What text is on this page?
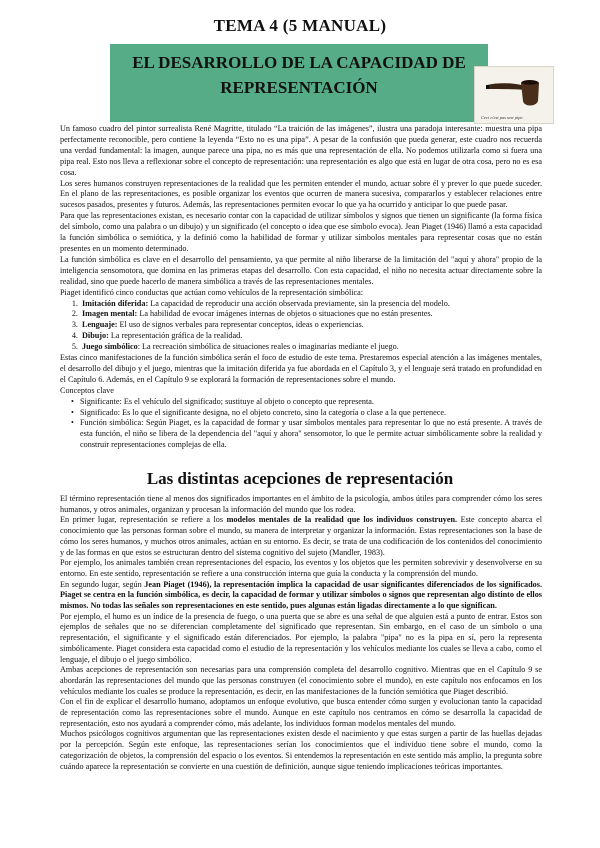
TEMA 4 (5 MANUAL)
EL DESARROLLO DE LA CAPACIDAD DE
REPRESENTACIÓN
Ceci n'est pas une pipe.

Un famoso cuadro del pintor surrealista René Magritte, titulado “La traición de las imágenes”, ilustra una paradoja interesante: muestra una pipa perfectamente reconocible, pero contiene la leyenda “Esto no es una pipa”. A pesar de la confusión que pueda generar, este cuadro nos recuerda una verdad fundamental: la imagen, aunque parece una pipa, no es más que una representación de ella. No podemos utilizarla como si fuera una pipa real. Esto nos lleva a reflexionar sobre el concepto de representación: una representación es algo que está en lugar de otra cosa, pero no es esa cosa.

Los seres humanos construyen representaciones de la realidad que les permiten entender el mundo, actuar sobre él y prever lo que puede suceder. En el plano de las representaciones, es posible organizar los eventos que ocurren de manera sucesiva, compararlos y establecer relaciones entre sucesos pasados, presentes y futuros. Además, las representaciones permiten evocar lo que ya ha ocurrido y anticipar lo que puede pasar.

Para que las representaciones existan, es necesario contar con la capacidad de utilizar símbolos y signos que tienen un significante (la forma física del símbolo, como una palabra o un dibujo) y un significado (el concepto o idea que ese símbolo evoca). Jean Piaget (1946) llamó a esta capacidad la función simbólica o semiótica, y la definió como la habilidad de formar y utilizar símbolos mentales para representar cosas que no están presentes en un momento determinado.

La función simbólica es clave en el desarrollo del pensamiento, ya que permite al niño liberarse de la limitación del "aquí y ahora" propio de la inteligencia sensomotora, que domina en las primeras etapas del desarrollo. Con esta capacidad, el niño no necesita actuar directamente sobre la realidad, sino que puede hacerlo de manera simbólica a través de las representaciones mentales.

Piaget identificó cinco conductas que actúan como vehículos de la representación simbólica:

1. Imitación diferida: La capacidad de reproducir una acción observada previamente, sin la presencia del modelo.
2. Imagen mental: La habilidad de evocar imágenes internas de objetos o situaciones que no están presentes.
3. Lenguaje: El uso de signos verbales para representar conceptos, ideas o experiencias.
4. Dibujo: La representación gráfica de la realidad.
5. Juego simbólico: La recreación simbólica de situaciones reales o imaginarias mediante el juego.

Estas cinco manifestaciones de la función simbólica serán el foco de estudio de este tema. Prestaremos especial atención a las imágenes mentales, el desarrollo del dibujo y el juego, mientras que la imitación diferida ya fue abordada en el Capítulo 3, y el lenguaje será tratado en profundidad en el Capítulo 6. Además, en el Capítulo 9 se explorará la formación de representaciones sobre el mundo.

Conceptos clave

• Significante: Es el vehículo del significado; sustituye al objeto o concepto que representa.
• Significado: Es lo que el significante designa, no el objeto concreto, sino la categoría o clase a la que pertenece.
• Función simbólica: Según Piaget, es la capacidad de formar y usar símbolos mentales para representar lo que no está presente. A través de esta función, el niño se libera de la dependencia del "aquí y ahora" sensomotor, lo que le permite actuar simbólicamente sobre la realidad y construir representaciones complejas de ella.
Las distintas acepciones de representación

El término representación tiene al menos dos significados importantes en el ámbito de la psicología, ambos útiles para comprender cómo los seres humanos, y otros animales, organizan y procesan la información del mundo que los rodea.

En primer lugar, representación se refiere a los modelos mentales de la realidad que los individuos construyen. Este concepto abarca el conocimiento que las personas forman sobre el mundo, su manera de interpretar y organizar la información. Estas representaciones son la base de cómo los seres humanos, y muchos otros animales, actúan en su entorno. Es decir, se trata de una codificación de los contenidos del conocimiento y de las formas en que estos se estructuran dentro del sistema cognitivo del sujeto (Mandler, 1983).

Por ejemplo, los animales también crean representaciones del espacio, los eventos y los objetos que les permiten sobrevivir y desenvolverse en su entorno. En este sentido, representación se refiere a una construcción interna que guía la conducta y la comprensión del mundo.

En segundo lugar, según Jean Piaget (1946), la representación implica la capacidad de usar significantes diferenciados de los significados. Piaget se centra en la función simbólica, es decir, la capacidad de formar y utilizar símbolos o signos que representan algo distinto de ellos mismos. No todas las señales son representaciones en este sentido, pues algunas están ligadas directamente a lo que significan.

Por ejemplo, el humo es un índice de la presencia de fuego, o una puerta que se abre es una señal de que alguien está a punto de entrar. Estos son ejemplos de señales que no se diferencian completamente del significado que representan. Sin embargo, en el caso de un símbolo o una representación, el significante y el significado están diferenciados. Por ejemplo, la palabra "pipa" no es la pipa en sí, pero la representa simbólicamente. Piaget considera esta capacidad como el estudio de la representación y los vehículos mediante los cuales se lleva a cabo, como el lenguaje, el dibujo o el juego simbólico.

Ambas acepciones de representación son necesarias para una comprensión completa del desarrollo cognitivo. Mientras que en el Capítulo 9 se abordarán las representaciones del mundo que las personas construyen (el conocimiento sobre el mundo), en este capítulo nos enfocamos en los vehículos mediante los cuales se produce la representación, es decir, en las manifestaciones de la función semiótica que Piaget describió.

Con el fin de explicar el desarrollo humano, adoptamos un enfoque evolutivo, que busca entender cómo surgen y evolucionan tanto la capacidad de representación como las representaciones sobre el mundo. Aunque en este capítulo nos centramos en cómo se desarrolla la capacidad de representación, esto nos ayudará a comprender cómo, más adelante, los individuos forman modelos mentales del mundo.

Muchos psicólogos cognitivos argumentan que las representaciones existen desde el nacimiento y que estas surgen a partir de las huellas dejadas por la percepción. Según este enfoque, las representaciones serían los conocimientos que el individuo tiene sobre el mundo, como la categorización de objetos, la comprensión del espacio o los eventos. Si entendemos la representación en este sentido más amplio, la pregunta sobre cuándo aparece la representación se convierte en una cuestión de definición, aunque sigue teniendo implicaciones teóricas importantes.
